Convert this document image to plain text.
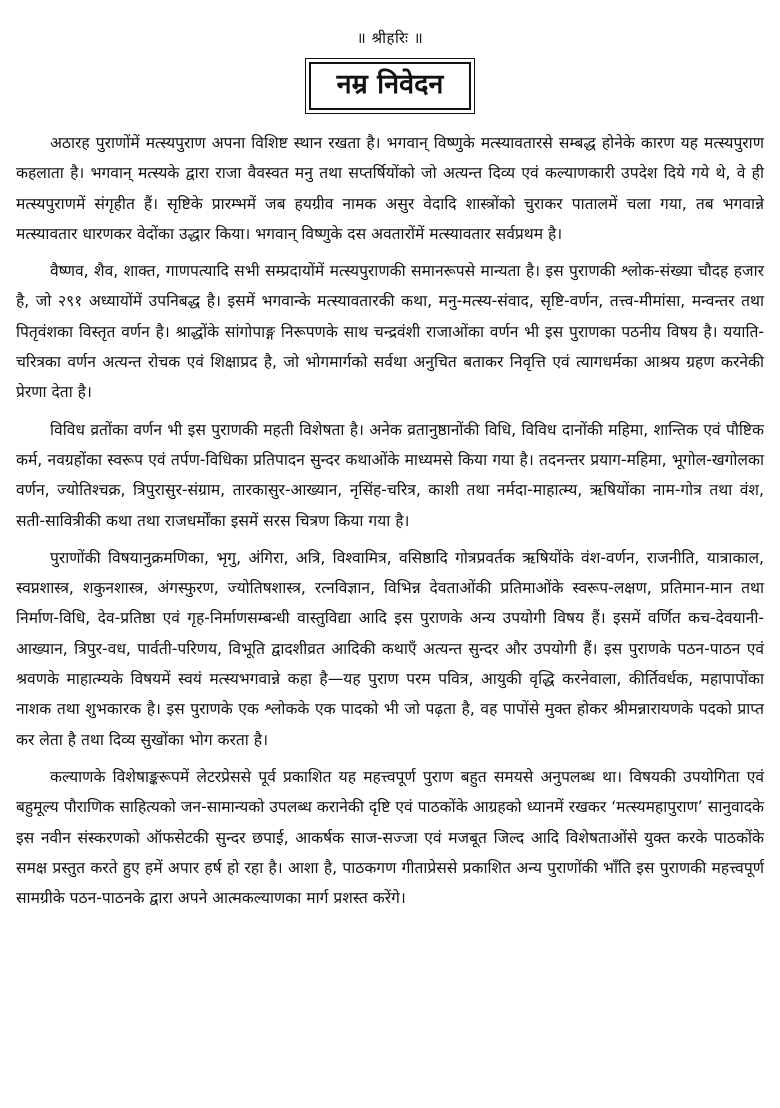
॥ श्रीहरिः ॥
नम्र निवेदन

अठारह पुराणोंमें मत्स्यपुराण अपना विशिष्ट स्थान रखता है। भगवान् विष्णुके मत्स्यावतारसे सम्बद्ध होनेके कारण यह मत्स्यपुराण कहलाता है। भगवान् मत्स्यके द्वारा राजा वैवस्वत मनु तथा सप्तर्षियोंको जो अत्यन्त दिव्य एवं कल्याणकारी उपदेश दिये गये थे, वे ही मत्स्यपुराणमें संगृहीत हैं। सृष्टिके प्रारम्भमें जब हयग्रीव नामक असुर वेदादि शास्त्रोंको चुराकर पातालमें चला गया, तब भगवान्ने मत्स्यावतार धारणकर वेदोंका उद्धार किया। भगवान् विष्णुके दस अवतारोंमें मत्स्यावतार सर्वप्रथम है।

वैष्णव, शैव, शाक्त, गाणपत्यादि सभी सम्प्रदायोंमें मत्स्यपुराणकी समानरूपसे मान्यता है। इस पुराणकी श्लोक-संख्या चौदह हजार है, जो २९१ अध्यायोंमें उपनिबद्ध है। इसमें भगवान्के मत्स्यावतारकी कथा, मनु-मत्स्य-संवाद, सृष्टि-वर्णन, तत्त्व-मीमांसा, मन्वन्तर तथा पितृवंशका विस्तृत वर्णन है। श्राद्धोंके सांगोपाङ्ग निरूपणके साथ चन्द्रवंशी राजाओंका वर्णन भी इस पुराणका पठनीय विषय है। ययाति-चरित्रका वर्णन अत्यन्त रोचक एवं शिक्षाप्रद है, जो भोगमार्गको सर्वथा अनुचित बताकर निवृत्ति एवं त्यागधर्मका आश्रय ग्रहण करनेकी प्रेरणा देता है।

विविध व्रतोंका वर्णन भी इस पुराणकी महती विशेषता है। अनेक व्रतानुष्ठानोंकी विधि, विविध दानोंकी महिमा, शान्तिक एवं पौष्टिक कर्म, नवग्रहोंका स्वरूप एवं तर्पण-विधिका प्रतिपादन सुन्दर कथाओंके माध्यमसे किया गया है। तदनन्तर प्रयाग-महिमा, भूगोल-खगोलका वर्णन, ज्योतिश्चक्र, त्रिपुरासुर-संग्राम, तारकासुर-आख्यान, नृसिंह-चरित्र, काशी तथा नर्मदा-माहात्म्य, ऋषियोंका नाम-गोत्र तथा वंश, सती-सावित्रीकी कथा तथा राजधर्मोंका इसमें सरस चित्रण किया गया है।

पुराणोंकी विषयानुक्रमणिका, भृगु, अंगिरा, अत्रि, विश्वामित्र, वसिष्ठादि गोत्रप्रवर्तक ऋषियोंके वंश-वर्णन, राजनीति, यात्राकाल, स्वप्नशास्त्र, शकुनशास्त्र, अंगस्फुरण, ज्योतिषशास्त्र, रत्नविज्ञान, विभिन्न देवताओंकी प्रतिमाओंके स्वरूप-लक्षण, प्रतिमान-मान तथा निर्माण-विधि, देव-प्रतिष्ठा एवं गृह-निर्माणसम्बन्धी वास्तुविद्या आदि इस पुराणके अन्य उपयोगी विषय हैं। इसमें वर्णित कच-देवयानी-आख्यान, त्रिपुर-वध, पार्वती-परिणय, विभूति द्वादशीव्रत आदिकी कथाएँ अत्यन्त सुन्दर और उपयोगी हैं। इस पुराणके पठन-पाठन एवं श्रवणके माहात्म्यके विषयमें स्वयं मत्स्यभगवान्ने कहा है—यह पुराण परम पवित्र, आयुकी वृद्धि करनेवाला, कीर्तिवर्धक, महापापोंका नाशक तथा शुभकारक है। इस पुराणके एक श्लोकके एक पादको भी जो पढ़ता है, वह पापोंसे मुक्त होकर श्रीमन्नारायणके पदको प्राप्त कर लेता है तथा दिव्य सुखोंका भोग करता है।

कल्याणके विशेषाङ्करूपमें लेटरप्रेससे पूर्व प्रकाशित यह महत्त्वपूर्ण पुराण बहुत समयसे अनुपलब्ध था। विषयकी उपयोगिता एवं बहुमूल्य पौराणिक साहित्यको जन-सामान्यको उपलब्ध करानेकी दृष्टि एवं पाठकोंके आग्रहको ध्यानमें रखकर ‘मत्स्यमहापुराण’ सानुवादके इस नवीन संस्करणको ऑफसेटकी सुन्दर छपाई, आकर्षक साज-सज्जा एवं मजबूत जिल्द आदि विशेषताओंसे युक्त करके पाठकोंके समक्ष प्रस्तुत करते हुए हमें अपार हर्ष हो रहा है। आशा है, पाठकगण गीताप्रेससे प्रकाशित अन्य पुराणोंकी भाँति इस पुराणकी महत्त्वपूर्ण सामग्रीके पठन-पाठनके द्वारा अपने आत्मकल्याणका मार्ग प्रशस्त करेंगे।
